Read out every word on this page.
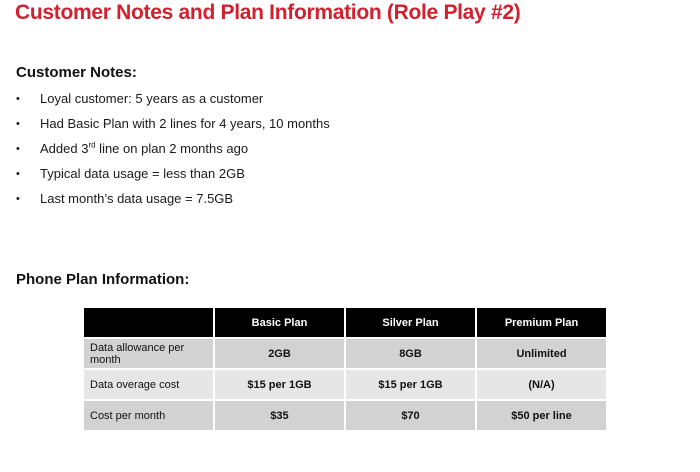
Customer Notes and Plan Information (Role Play #2)
Customer Notes:
• Loyal customer: 5 years as a customer
• Had Basic Plan with 2 lines for 4 years, 10 months
• Added 3rd line on plan 2 months ago
• Typical data usage = less than 2GB
• Last month’s data usage = 7.5GB
Phone Plan Information:
	Basic Plan	Silver Plan	Premium Plan
Data allowance per month	2GB	8GB	Unlimited
Data overage cost	$15 per 1GB	$15 per 1GB	(N/A)
Cost per month	$35	$70	$50 per line
